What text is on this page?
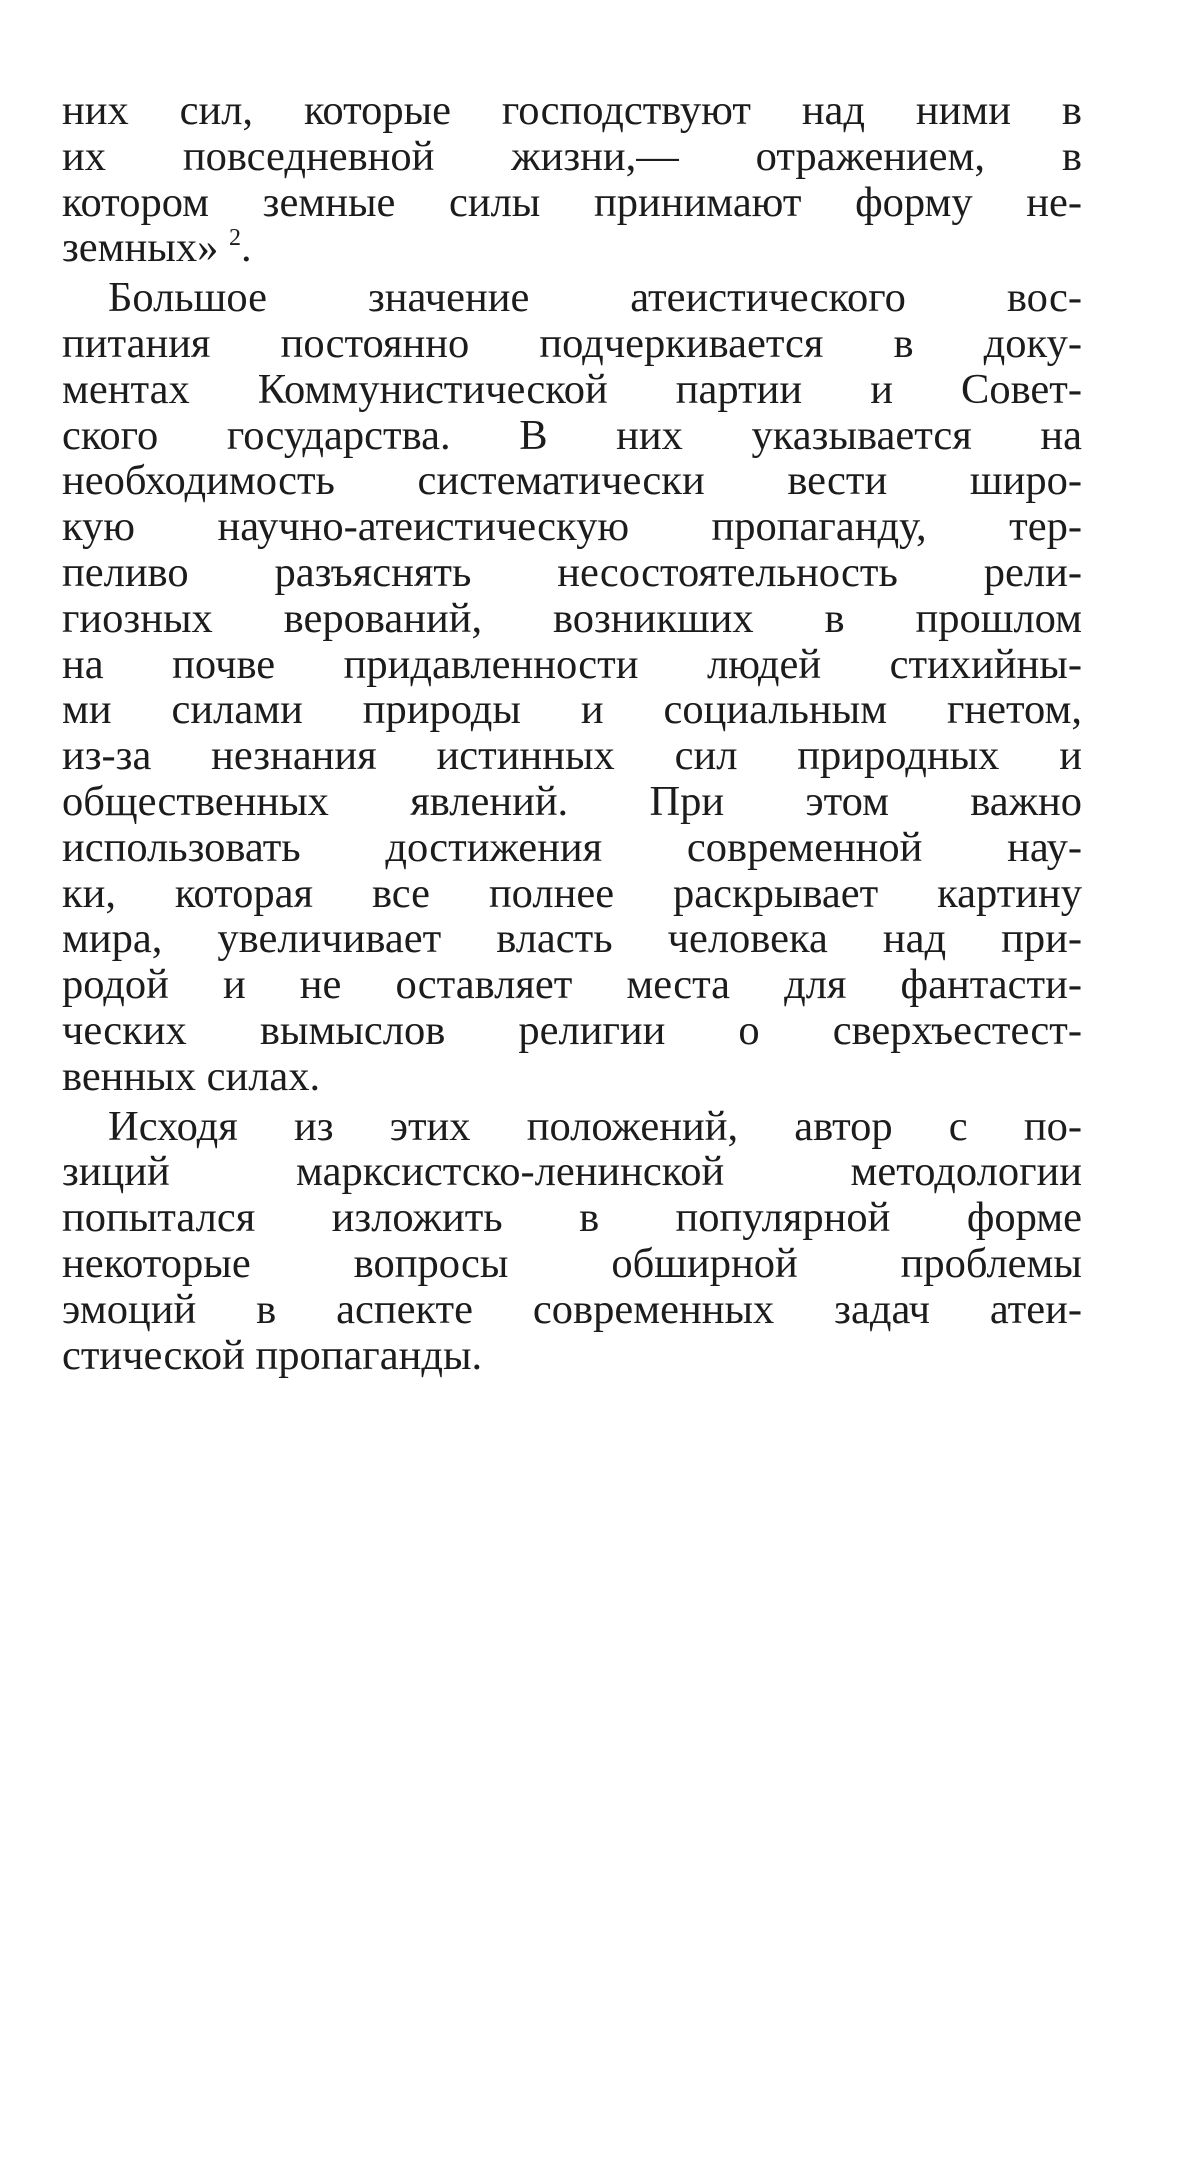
них сил, которые господствуют над ними в
их повседневной жизни,— отражением, в
котором земные силы принимают форму не-
земных» $^2$.
Большое значение атеистического вос-
питания постоянно подчеркивается в доку-
ментах Коммунистической партии и Совет-
ского государства. В них указывается на
необходимость систематически вести широ-
кую научно-атеистическую пропаганду, тер-
пеливо разъяснять несостоятельность рели-
гиозных верований, возникших в прошлом
на почве придавленности людей стихийны-
ми силами природы и социальным гнетом,
из-за незнания истинных сил природных и
общественных явлений. При этом важно
использовать достижения современной нау-
ки, которая все полнее раскрывает картину
мира, увеличивает власть человека над при-
родой и не оставляет места для фантасти-
ческих вымыслов религии о сверхъестест-
венных силах.
Исходя из этих положений, автор с по-
зиций марксистско-ленинской методологии
попытался изложить в популярной форме
некоторые вопросы обширной проблемы
эмоций в аспекте современных задач атеи-
стической пропаганды.
